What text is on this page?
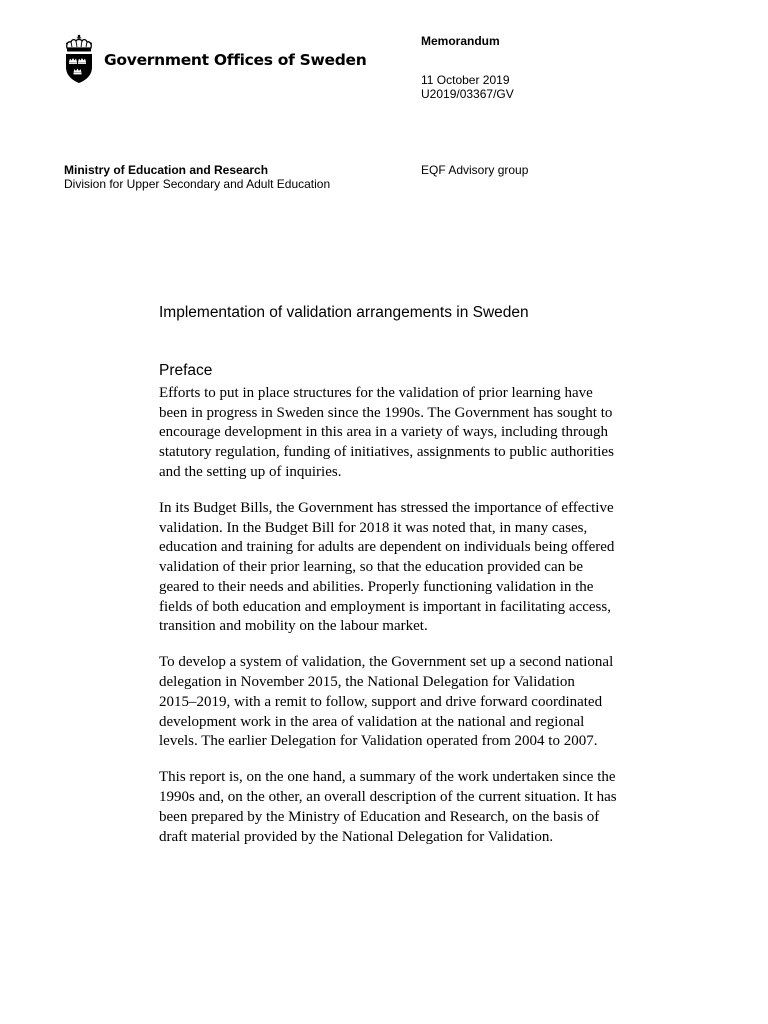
Government Offices of Sweden
Memorandum
11 October 2019
U2019/03367/GV
Ministry of Education and Research
Division for Upper Secondary and Adult Education
EQF Advisory group
Implementation of validation arrangements in Sweden
Preface

Efforts to put in place structures for the validation of prior learning have
been in progress in Sweden since the 1990s. The Government has sought to
encourage development in this area in a variety of ways, including through
statutory regulation, funding of initiatives, assignments to public authorities
and the setting up of inquiries.

In its Budget Bills, the Government has stressed the importance of effective
validation. In the Budget Bill for 2018 it was noted that, in many cases,
education and training for adults are dependent on individuals being offered
validation of their prior learning, so that the education provided can be
geared to their needs and abilities. Properly functioning validation in the
fields of both education and employment is important in facilitating access,
transition and mobility on the labour market.

To develop a system of validation, the Government set up a second national
delegation in November 2015, the National Delegation for Validation
2015–2019, with a remit to follow, support and drive forward coordinated
development work in the area of validation at the national and regional
levels. The earlier Delegation for Validation operated from 2004 to 2007.

This report is, on the one hand, a summary of the work undertaken since the
1990s and, on the other, an overall description of the current situation. It has
been prepared by the Ministry of Education and Research, on the basis of
draft material provided by the National Delegation for Validation.
